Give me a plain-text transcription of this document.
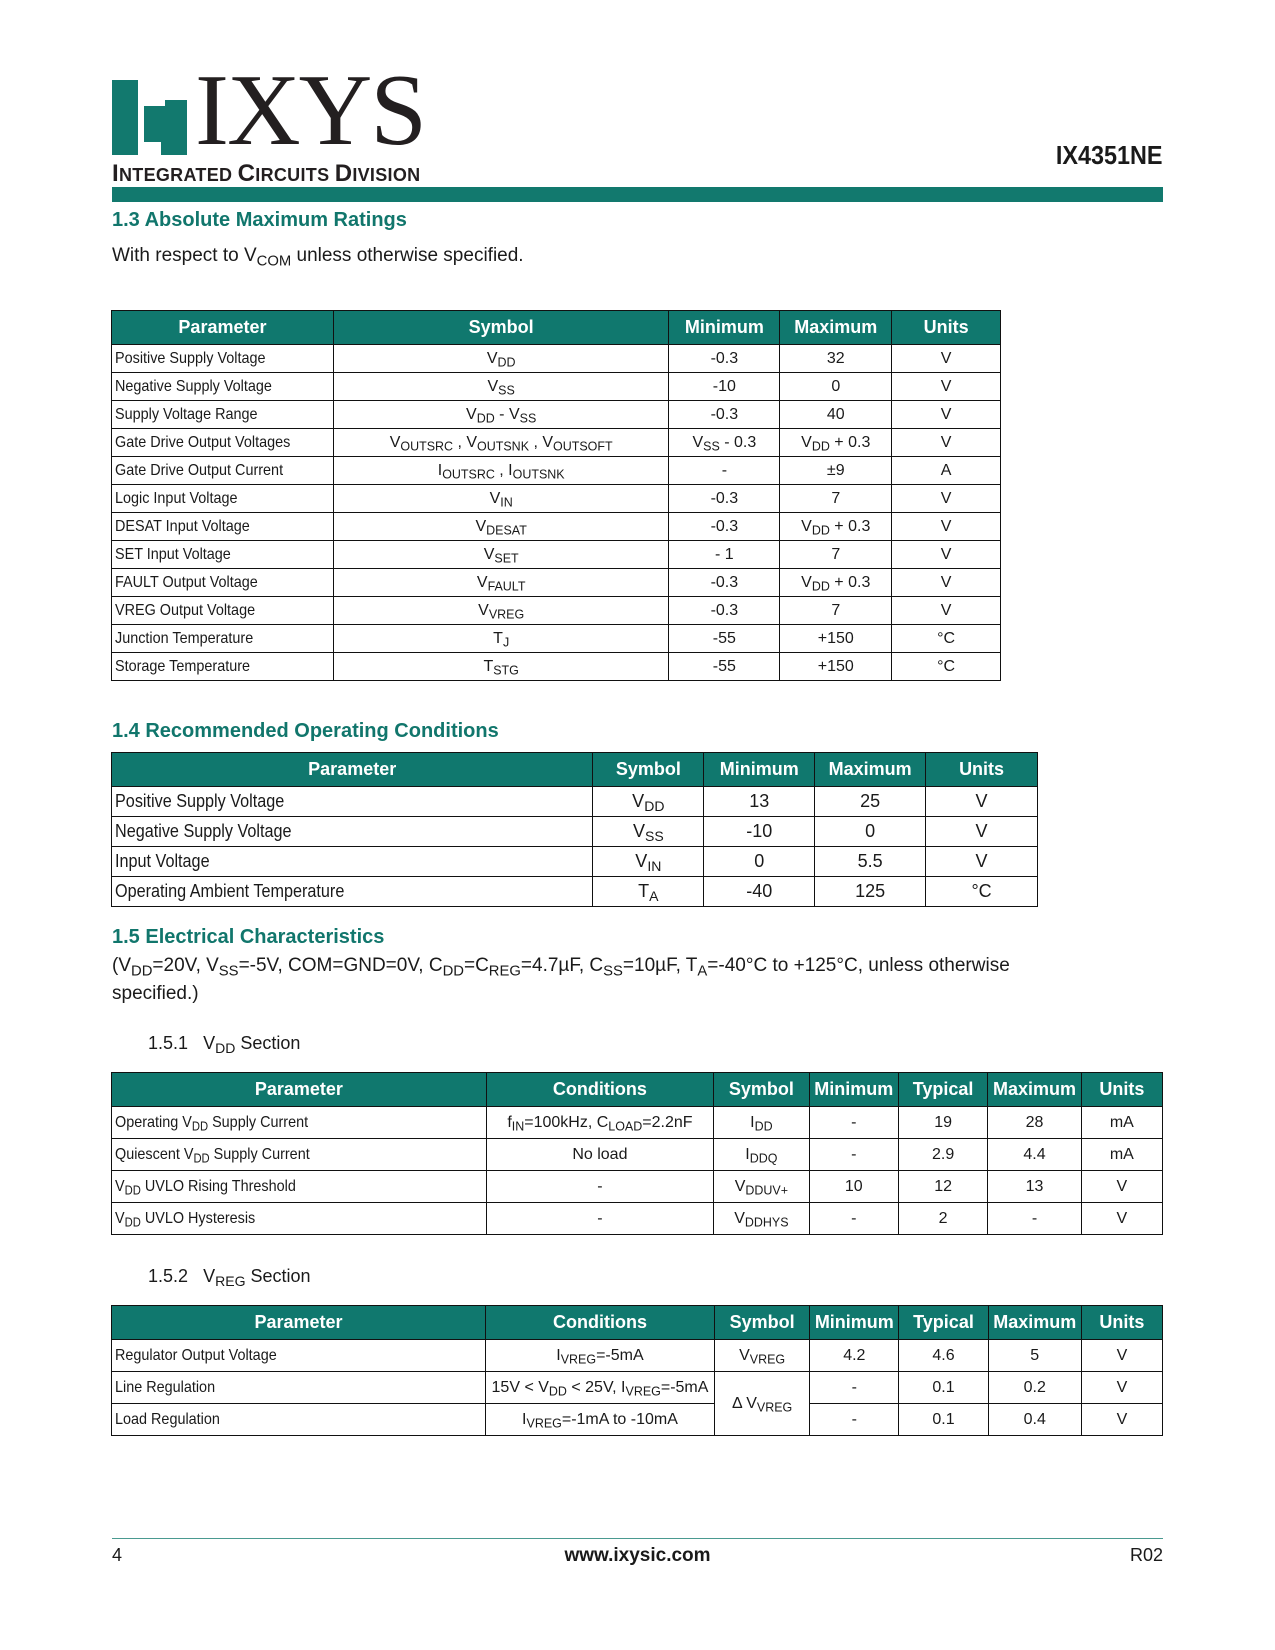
IXYS
INTEGRATED CIRCUITS DIVISION
IX4351NE
1.3 Absolute Maximum Ratings
With respect to $V_{COM}$ unless otherwise specified.
Parameter	Symbol	Minimum	Maximum	Units
Positive Supply Voltage	$V_{DD}$	-0.3	32	V
Negative Supply Voltage	$V_{SS}$	-10	0	V
Supply Voltage Range	$V_{DD} - V_{SS}$	-0.3	40	V
Gate Drive Output Voltages	$V_{OUTSRC}$ , $V_{OUTSNK}$ , $V_{OUTSOFT}$	$V_{SS} - 0.3$	$V_{DD} + 0.3$	V
Gate Drive Output Current	$I_{OUTSRC}$ , $I_{OUTSNK}$	-	±9	A
Logic Input Voltage	$V_{IN}$	-0.3	7	V
DESAT Input Voltage	$V_{DESAT}$	-0.3	$V_{DD} + 0.3$	V
SET Input Voltage	$V_{SET}$	- 1	7	V
FAULT Output Voltage	$V_{FAULT}$	-0.3	$V_{DD} + 0.3$	V
VREG Output Voltage	$V_{VREG}$	-0.3	7	V
Junction Temperature	$T_J$	-55	+150	°C
Storage Temperature	$T_{STG}$	-55	+150	°C
1.4 Recommended Operating Conditions
Parameter	Symbol	Minimum	Maximum	Units
Positive Supply Voltage	$V_{DD}$	13	25	V
Negative Supply Voltage	$V_{SS}$	-10	0	V
Input Voltage	$V_{IN}$	0	5.5	V
Operating Ambient Temperature	$T_A$	-40	125	°C
1.5 Electrical Characteristics
($V_{DD}=20V$, $V_{SS}=-5V$, COM=GND=0V, $C_{DD}=C_{REG}=4.7\mu F$, $C_{SS}=10\mu F$, $T_A=-40^\circ C$ to +125°C, unless otherwise
specified.)
1.5.1 $V_{DD}$ Section
Parameter	Conditions	Symbol	Minimum	Typical	Maximum	Units
Operating $V_{DD}$ Supply Current	$f_{IN}=100kHz$, $C_{LOAD}=2.2nF$	$I_{DD}$	-	19	28	mA
Quiescent $V_{DD}$ Supply Current	No load	$I_{DDQ}$	-	2.9	4.4	mA
$V_{DD}$ UVLO Rising Threshold	-	$V_{DDUV+}$	10	12	13	V
$V_{DD}$ UVLO Hysteresis	-	$V_{DDHYS}$	-	2	-	V
1.5.2 $V_{REG}$ Section
Parameter	Conditions	Symbol	Minimum	Typical	Maximum	Units
Regulator Output Voltage	$I_{VREG}=-5mA$	$V_{VREG}$	4.2	4.6	5	V
Line Regulation	$15V < V_{DD} < 25V$, $I_{VREG}=-5mA$	Δ $V_{VREG}$	-	0.1	0.2	V
Load Regulation	$I_{VREG}=-1mA$ to -10mA		-	0.1	0.4	V
4	www.ixysic.com	R02
